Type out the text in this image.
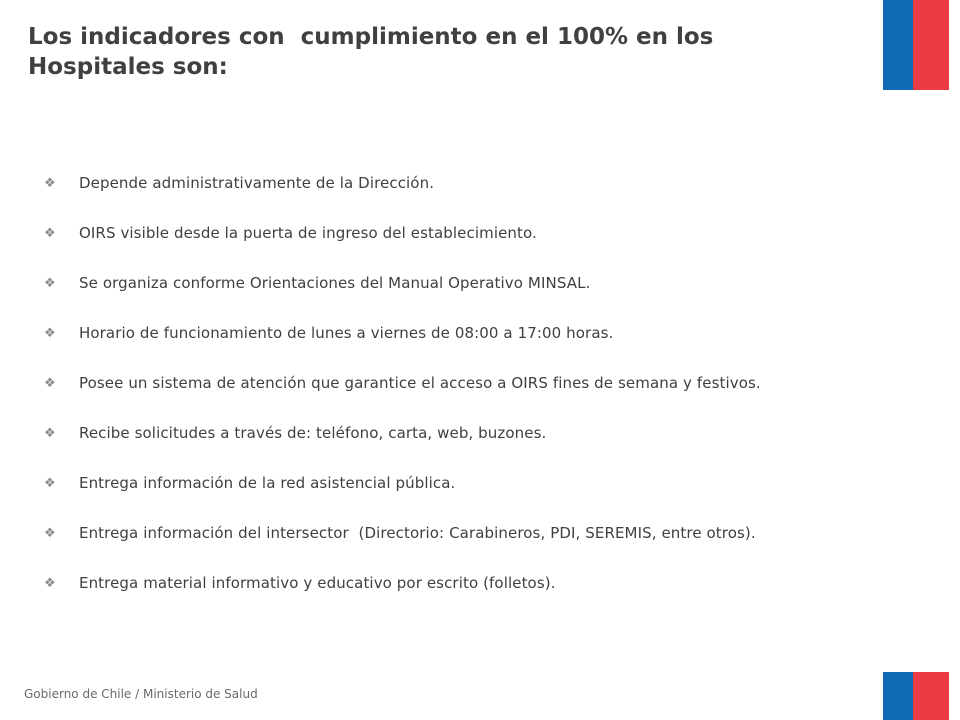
Los indicadores con  cumplimiento en el 100% en los Hospitales son:
❖	Depende administrativamente de la Dirección.
❖	OIRS visible desde la puerta de ingreso del establecimiento.
❖	Se organiza conforme Orientaciones del Manual Operativo MINSAL.
❖	Horario de funcionamiento de lunes a viernes de 08:00 a 17:00 horas.
❖	Posee un sistema de atención que garantice el acceso a OIRS fines de semana y festivos.
❖	Recibe solicitudes a través de: teléfono, carta, web, buzones.
❖	Entrega información de la red asistencial pública.
❖	Entrega información del intersector  (Directorio: Carabineros, PDI, SEREMIS, entre otros).
❖	Entrega material informativo y educativo por escrito (folletos).
Gobierno de Chile / Ministerio de Salud
